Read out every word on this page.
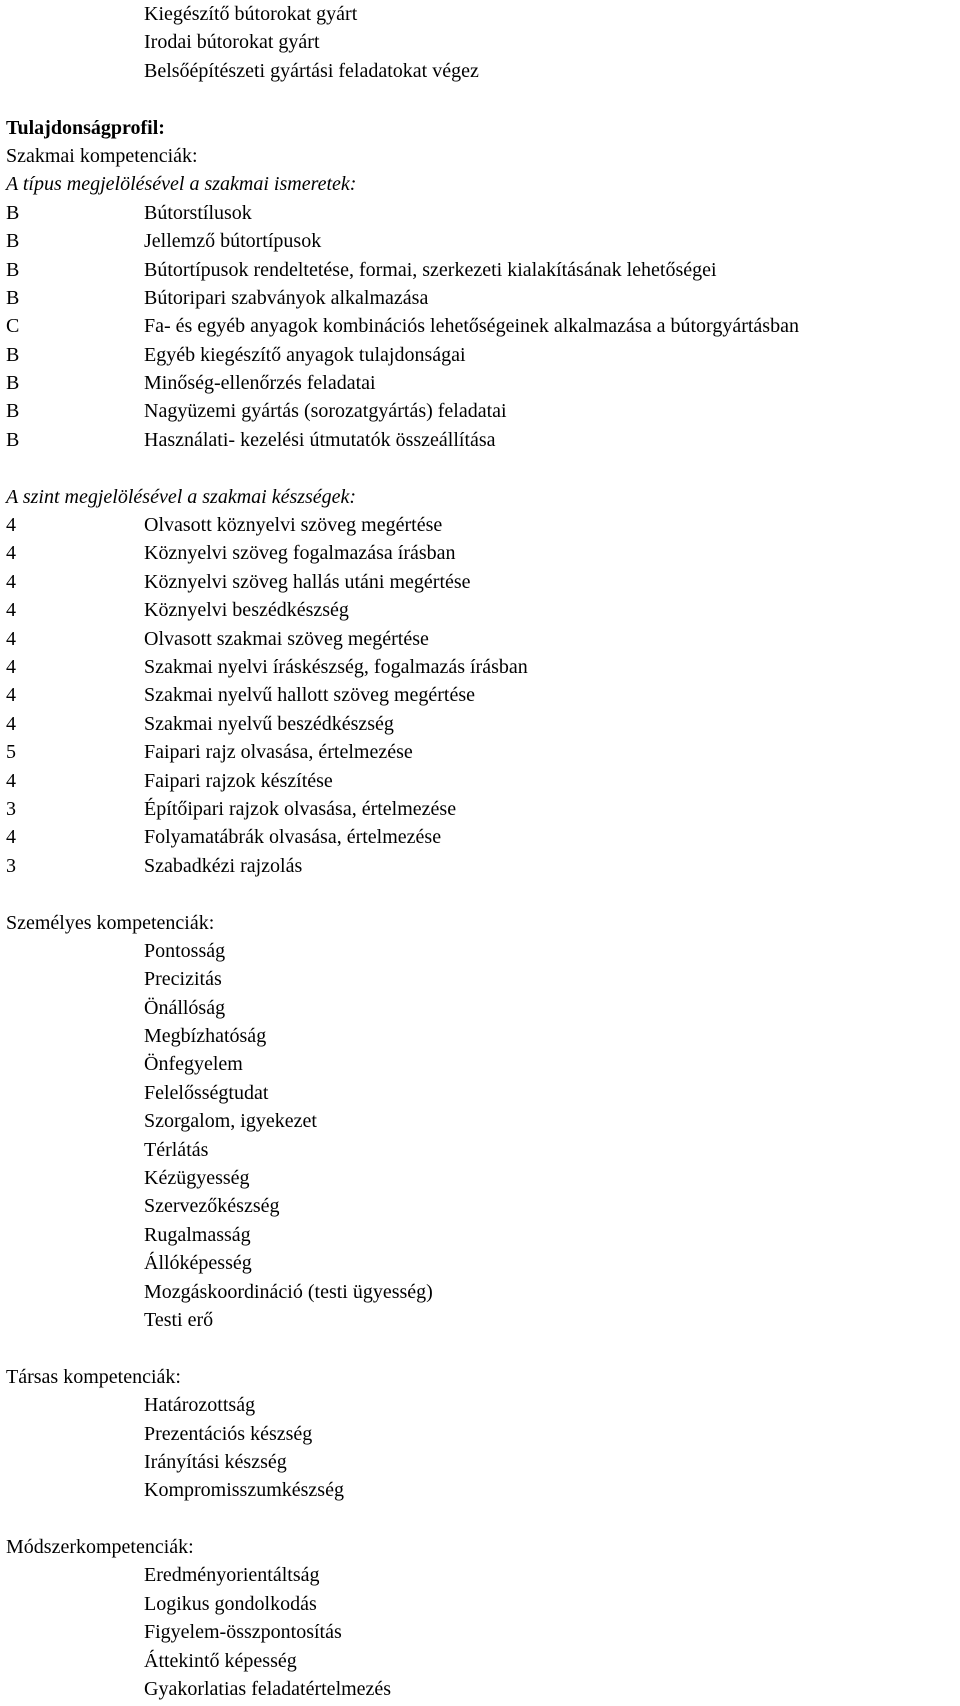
Kiegészítő bútorokat gyárt
Irodai bútorokat gyárt
Belsőépítészeti gyártási feladatokat végez
Tulajdonságprofil:
Szakmai kompetenciák:
A típus megjelölésével a szakmai ismeretek:
B	Bútorstílusok
B	Jellemző bútortípusok
B	Bútortípusok rendeltetése, formai, szerkezeti kialakításának lehetőségei
B	Bútoripari szabványok alkalmazása
C	Fa- és egyéb anyagok kombinációs lehetőségeinek alkalmazása a bútorgyártásban
B	Egyéb kiegészítő anyagok tulajdonságai
B	Minőség-ellenőrzés feladatai
B	Nagyüzemi gyártás (sorozatgyártás) feladatai
B	Használati- kezelési útmutatók összeállítása
A szint megjelölésével a szakmai készségek:
4	Olvasott köznyelvi szöveg megértése
4	Köznyelvi szöveg fogalmazása írásban
4	Köznyelvi szöveg hallás utáni megértése
4	Köznyelvi beszédkészség
4	Olvasott szakmai szöveg megértése
4	Szakmai nyelvi íráskészség, fogalmazás írásban
4	Szakmai nyelvű hallott szöveg megértése
4	Szakmai nyelvű beszédkészség
5	Faipari rajz olvasása, értelmezése
4	Faipari rajzok készítése
3	Építőipari rajzok olvasása, értelmezése
4	Folyamatábrák olvasása, értelmezése
3	Szabadkézi rajzolás
Személyes kompetenciák:
Pontosság
Precizitás
Önállóság
Megbízhatóság
Önfegyelem
Felelősségtudat
Szorgalom, igyekezet
Térlátás
Kézügyesség
Szervezőkészség
Rugalmasság
Állóképesség
Mozgáskoordináció (testi ügyesség)
Testi erő
Társas kompetenciák:
Határozottság
Prezentációs készség
Irányítási készség
Kompromisszumkészség
Módszerkompetenciák:
Eredményorientáltság
Logikus gondolkodás
Figyelem-összpontosítás
Áttekintő képesség
Gyakorlatias feladatértelmezés
